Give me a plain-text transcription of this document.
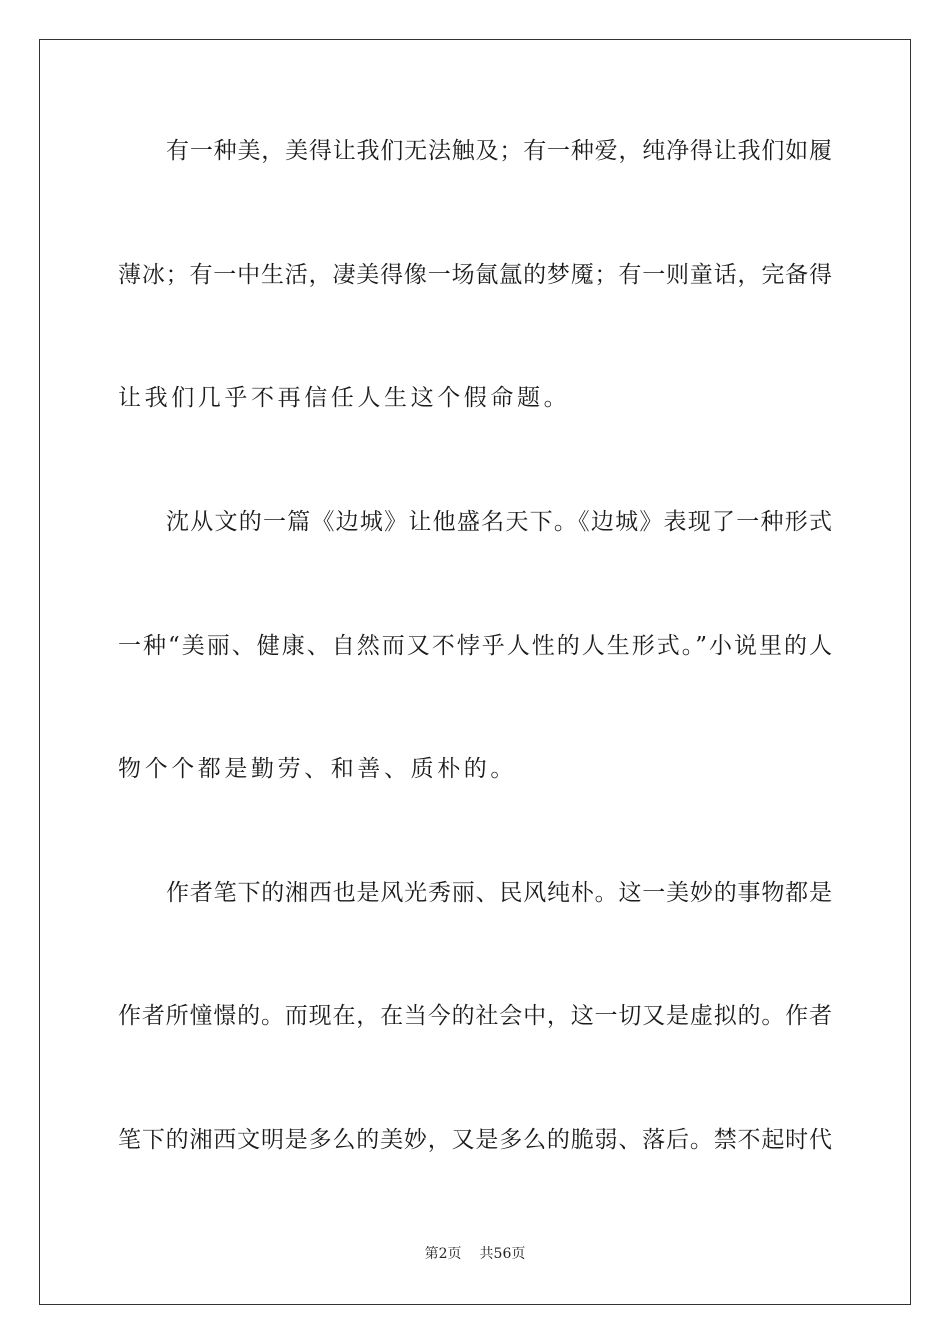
有一种美，美得让我们无法触及；有一种爱，纯净得让我们如履
薄冰；有一中生活，凄美得像一场氤氲的梦魇；有一则童话，完备得
让我们几乎不再信任人生这个假命题。
沈从文的一篇《边城》让他盛名天下。《边城》表现了一种形式
一种“美丽、健康、自然而又不悖乎人性的人生形式。”小说里的人
物个个都是勤劳、和善、质朴的。
作者笔下的湘西也是风光秀丽、民风纯朴。这一美妙的事物都是
作者所憧憬的。而现在，在当今的社会中，这一切又是虚拟的。作者
笔下的湘西文明是多么的美妙，又是多么的脆弱、落后。禁不起时代
第2页 共56页
